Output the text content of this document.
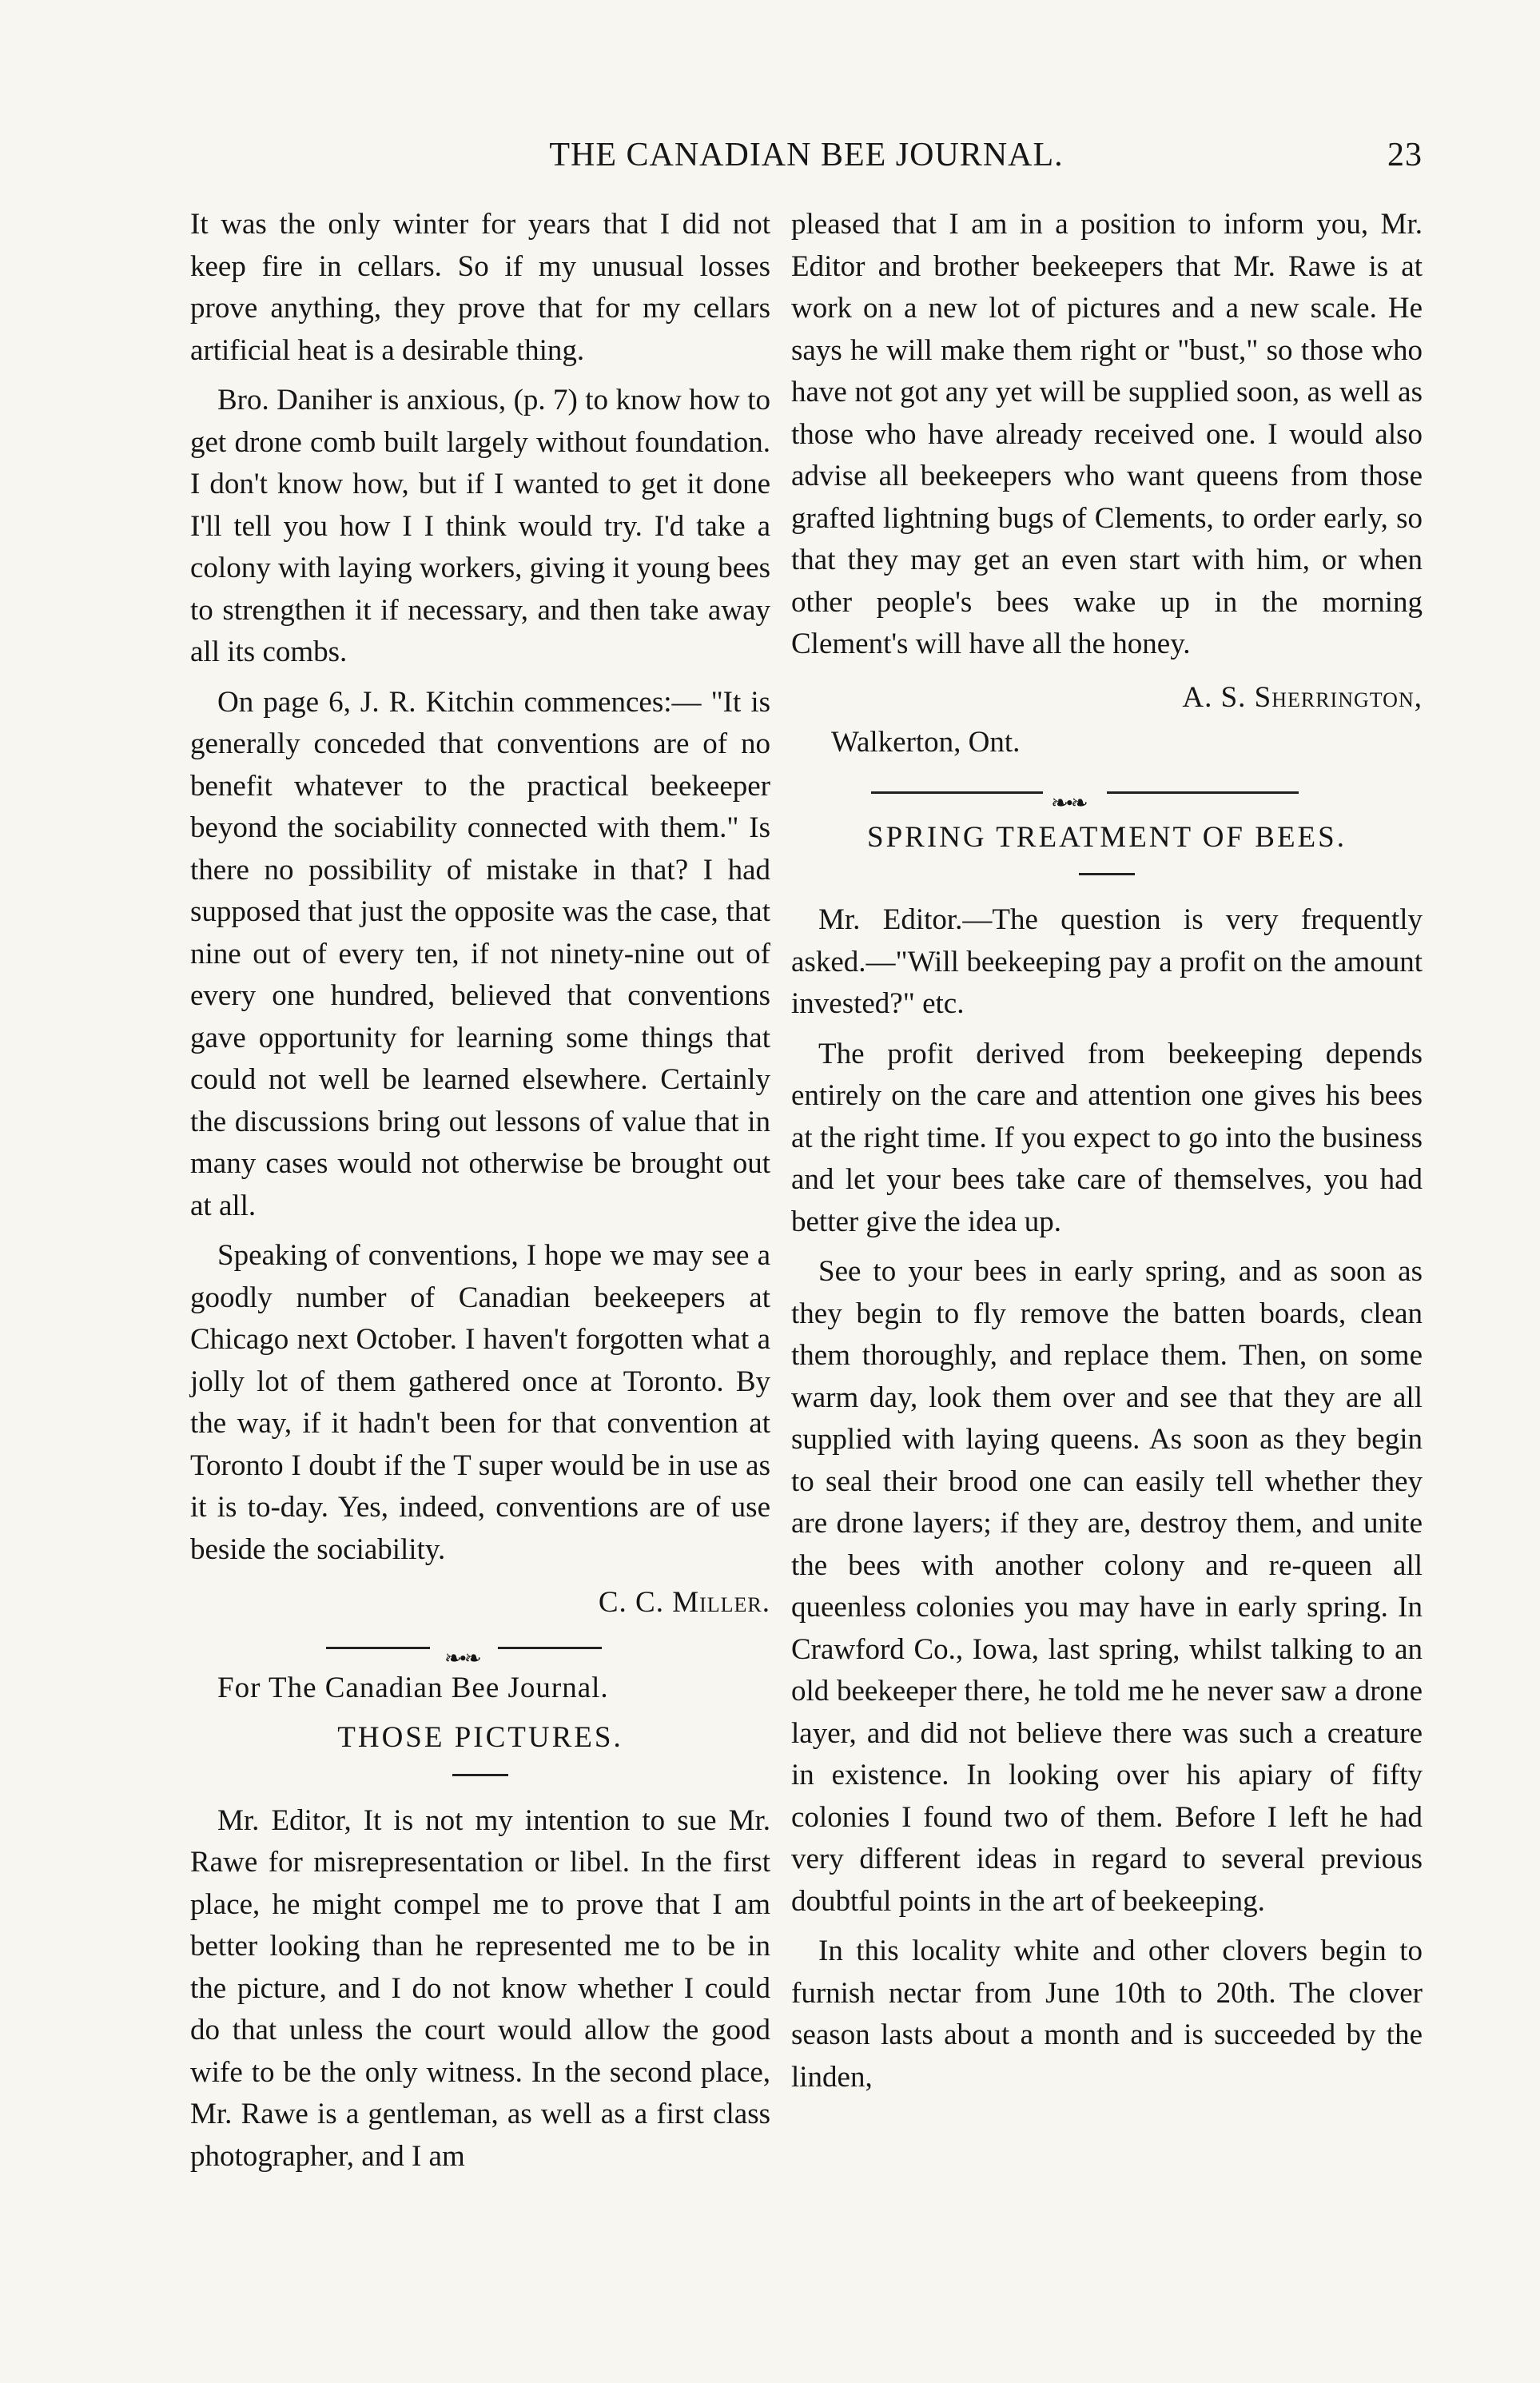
THE CANADIAN BEE JOURNAL.	23

It was the only winter for years that I did not keep fire in cellars. So if my unusual losses prove anything, they prove that for my cellars artificial heat is a desirable thing.

Bro. Daniher is anxious, (p. 7) to know how to get drone comb built largely without foundation. I don't know how, but if I wanted to get it done I'll tell you how I I think would try. I'd take a colony with laying workers, giving it young bees to strengthen it if necessary, and then take away all its combs.

On page 6, J. R. Kitchin commences:— "It is generally conceded that conventions are of no benefit whatever to the practical beekeeper beyond the sociability connected with them." Is there no possibility of mistake in that? I had supposed that just the opposite was the case, that nine out of every ten, if not ninety-nine out of every one hundred, believed that conventions gave opportunity for learning some things that could not well be learned elsewhere. Certainly the discussions bring out lessons of value that in many cases would not otherwise be brought out at all.

Speaking of conventions, I hope we may see a goodly number of Canadian beekeepers at Chicago next October. I haven't forgotten what a jolly lot of them gathered once at Toronto. By the way, if it hadn't been for that convention at Toronto I doubt if the T super would be in use as it is to-day. Yes, indeed, conventions are of use beside the sociability.

C. C. Miller.
❧•❧

For The Canadian Bee Journal.

THOSE PICTURES.

Mr. Editor, It is not my intention to sue Mr. Rawe for misrepresentation or libel. In the first place, he might compel me to prove that I am better looking than he represented me to be in the picture, and I do not know whether I could do that unless the court would allow the good wife to be the only witness. In the second place, Mr. Rawe is a gentleman, as well as a first class photographer, and I am

pleased that I am in a position to inform you, Mr. Editor and brother beekeepers that Mr. Rawe is at work on a new lot of pictures and a new scale. He says he will make them right or "bust," so those who have not got any yet will be supplied soon, as well as those who have already received one. I would also advise all beekeepers who want queens from those grafted lightning bugs of Clements, to order early, so that they may get an even start with him, or when other people's bees wake up in the morning Clement's will have all the honey.

A. S. Sherrington,
Walkerton, Ont.
❧•❧
SPRING TREATMENT OF BEES.

Mr. Editor.—The question is very frequently asked.—"Will beekeeping pay a profit on the amount invested?" etc.

The profit derived from beekeeping depends entirely on the care and attention one gives his bees at the right time. If you expect to go into the business and let your bees take care of themselves, you had better give the idea up.

See to your bees in early spring, and as soon as they begin to fly remove the batten boards, clean them thoroughly, and replace them. Then, on some warm day, look them over and see that they are all supplied with laying queens. As soon as they begin to seal their brood one can easily tell whether they are drone layers; if they are, destroy them, and unite the bees with another colony and re-queen all queenless colonies you may have in early spring. In Crawford Co., Iowa, last spring, whilst talking to an old beekeeper there, he told me he never saw a drone layer, and did not believe there was such a creature in existence. In looking over his apiary of fifty colonies I found two of them. Before I left he had very different ideas in regard to several previous doubtful points in the art of beekeeping.

In this locality white and other clovers begin to furnish nectar from June 10th to 20th. The clover season lasts about a month and is succeeded by the linden,
